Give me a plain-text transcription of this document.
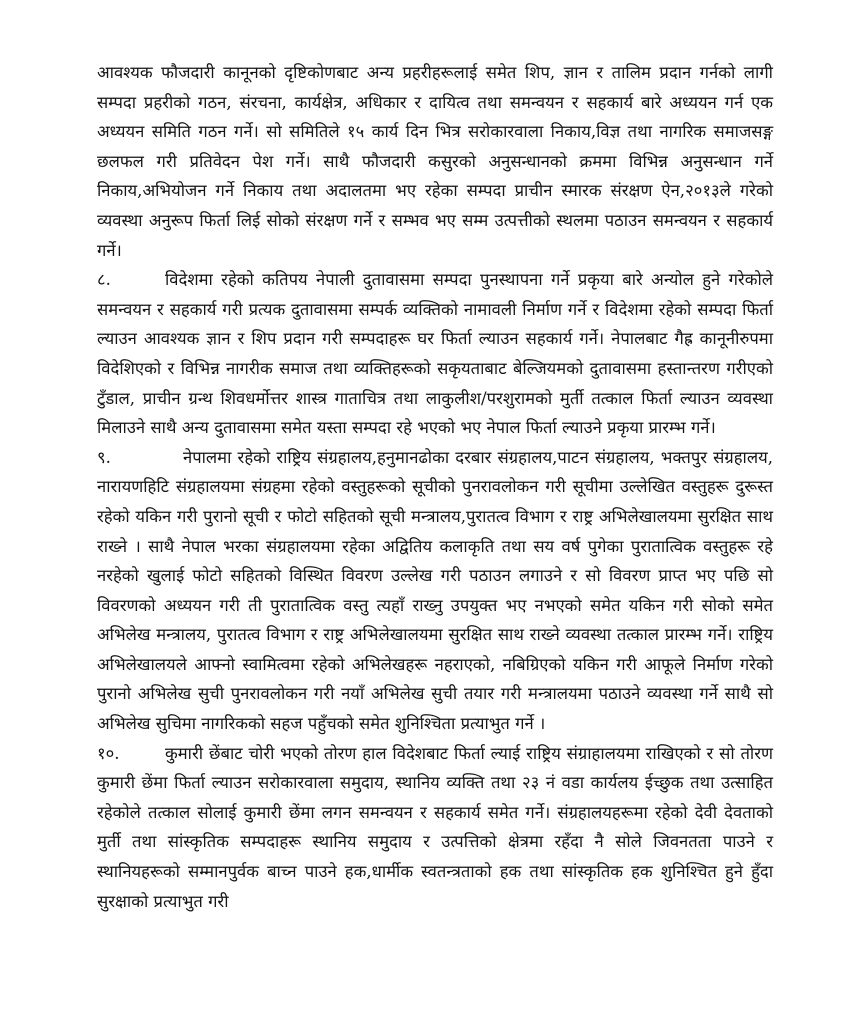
आवश्यक फौजदारी कानूनको दृष्टिकोणबाट अन्य प्रहरीहरूलाई समेत शिप, ज्ञान र तालिम प्रदान गर्नको लागी सम्पदा प्रहरीको गठन, संरचना, कार्यक्षेत्र, अधिकार र दायित्व तथा समन्वयन र सहकार्य बारे अध्ययन गर्न एक अध्ययन समिति गठन गर्ने। सो समितिले १५ कार्य दिन भित्र सरोकारवाला निकाय,विज्ञ तथा नागरिक समाजसङ्ग छलफल गरी प्रतिवेदन पेश गर्ने। साथै फौजदारी कसुरको अनुसन्धानको क्रममा विभिन्न अनुसन्धान गर्ने निकाय,अभियोजन गर्ने निकाय तथा अदालतमा भए रहेका सम्पदा प्राचीन स्मारक संरक्षण ऐन,२०१३ले गरेको व्यवस्था अनुरूप फिर्ता लिई सोको संरक्षण गर्ने र सम्भव भए सम्म उत्पत्तीको स्थलमा पठाउन समन्वयन र सहकार्य गर्ने।

८.	विदेशमा रहेको कतिपय नेपाली दुतावासमा सम्पदा पुनस्थापना गर्ने प्रकृया बारे अन्योल हुने गरेकोले समन्वयन र सहकार्य गरी प्रत्यक दुतावासमा सम्पर्क व्यक्तिको नामावली निर्माण गर्ने र विदेशमा रहेको सम्पदा फिर्ता ल्याउन आवश्यक ज्ञान र शिप प्रदान गरी सम्पदाहरू घर फिर्ता ल्याउन सहकार्य गर्ने। नेपालबाट गैह्र कानूनीरुपमा विदेशिएको र विभिन्न नागरीक समाज तथा व्यक्तिहरूको सकृयताबाट बेल्जियमको दुतावासमा हस्तान्तरण गरीएको टुँडाल, प्राचीन ग्रन्थ शिवधर्मोत्तर शास्त्र गाताचित्र तथा लाकुलीश/परशुरामको मुर्ती तत्काल फिर्ता ल्याउन व्यवस्था मिलाउने साथै अन्य दुतावासमा समेत यस्ता सम्पदा रहे भएको भए नेपाल फिर्ता ल्याउने प्रकृया प्रारम्भ गर्ने।

९.	नेपालमा रहेको राष्ट्रिय संग्रहालय,हनुमानढोका दरबार संग्रहालय,पाटन संग्रहालय, भक्तपुर संग्रहालय, नारायणहिटि संग्रहालयमा संग्रहमा रहेको वस्तुहरूको सूचीको पुनरावलोकन गरी सूचीमा उल्लेखित वस्तुहरू दुरूस्त रहेको यकिन गरी पुरानो सूची र फोटो सहितको सूची मन्त्रालय,पुरातत्व विभाग र राष्ट्र अभिलेखालयमा सुरक्षित साथ राख्ने । साथै नेपाल भरका संग्रहालयमा रहेका अद्वितिय कलाकृति तथा सय वर्ष पुगेका पुरातात्विक वस्तुहरू रहे नरहेको खुलाई फोटो सहितको विस्थित विवरण उल्लेख गरी पठाउन लगाउने र सो विवरण प्राप्त भए पछि सो विवरणको अध्ययन गरी ती पुरातात्विक वस्तु त्यहाँ राख्नु उपयुक्त भए नभएको समेत यकिन गरी सोको समेत अभिलेख मन्त्रालय, पुरातत्व विभाग र राष्ट्र अभिलेखालयमा सुरक्षित साथ राख्ने व्यवस्था तत्काल प्रारम्भ गर्ने। राष्ट्रिय अभिलेखालयले आफ्नो स्वामित्वमा रहेको अभिलेखहरू नहराएको, नबिग्रिएको यकिन गरी आफूले निर्माण गरेको पुरानो अभिलेख सुची पुनरावलोकन गरी नयाँ अभिलेख सुची तयार गरी मन्त्रालयमा पठाउने व्यवस्था गर्ने साथै सो अभिलेख सुचिमा नागरिकको सहज पहुँचको समेत शुनिश्चिता प्रत्याभुत गर्ने ।

१०.	कुमारी छेंबाट चोरी भएको तोरण हाल विदेशबाट फिर्ता ल्याई राष्ट्रिय संग्राहालयमा राखिएको र सो तोरण कुमारी छेंमा फिर्ता ल्याउन सरोकारवाला समुदाय, स्थानिय व्यक्ति तथा २३ नं वडा कार्यलय ईच्छुक तथा उत्साहित रहेकोले तत्काल सोलाई कुमारी छेंमा लगन समन्वयन र सहकार्य समेत गर्ने। संग्रहालयहरूमा रहेको देवी देवताको मुर्ती तथा सांस्कृतिक सम्पदाहरू स्थानिय समुदाय र उत्पत्तिको क्षेत्रमा रहँदा नै सोले जिवनतता पाउने र स्थानियहरूको सम्मानपुर्वक बाच्न पाउने हक,धार्मीक स्वतन्त्रताको हक तथा सांस्कृतिक हक शुनिश्चित हुने हुँदा सुरक्षाको प्रत्याभुत गरी
